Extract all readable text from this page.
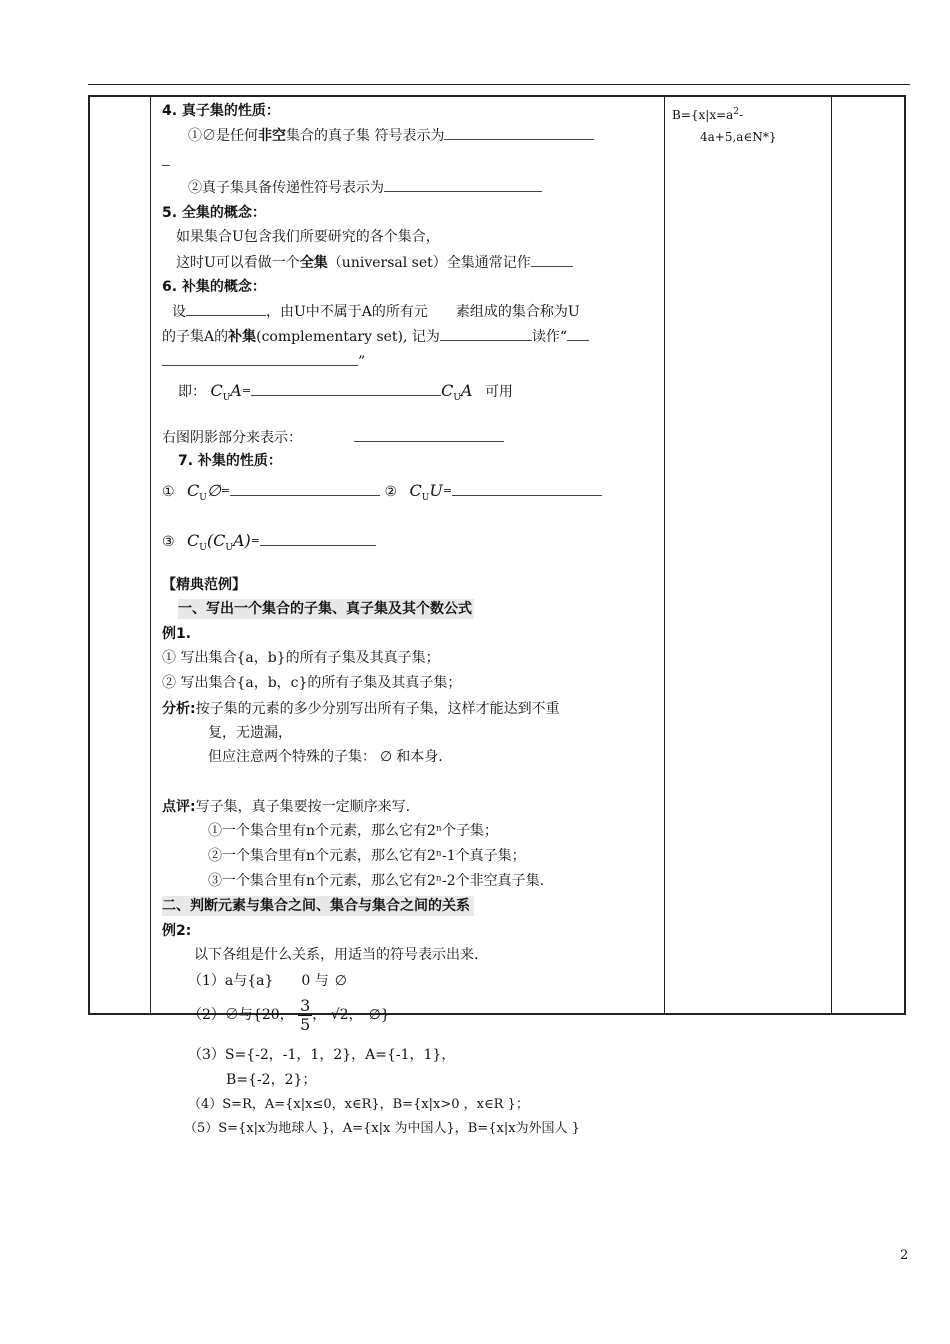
$B=\{x|x=a^2-$
4a+5,a∈N*}
4. 真子集的性质：
①∅是任何非空集合的真子集 符号表示为
②真子集具备传递性符号表示为
5. 全集的概念：
如果集合U包含我们所要研究的各个集合，
这时U可以看做一个全集（universal set）全集通常记作
6. 补集的概念：
设	，由U中不属于A的所有元　　素组成的集合称为U
的子集A的补集(complementary set), 记为	读作“
”
即： $C_UA^=$	$C_UA$ 可用
右图阴影部分来表示：
7. 补集的性质：
① $C_U\emptyset^=$	② $C_UU^=$
③ $C_U(C_UA)^=$
【精典范例】
一、写出一个集合的子集、真子集及其个数公式
例1.
① 写出集合{a，b}的所有子集及其真子集；
② 写出集合{a，b，c}的所有子集及其真子集；
分析:按子集的元素的多少分别写出所有子集，这样才能达到不重
复，无遗漏，
但应注意两个特殊的子集： ∅ 和本身.
点评:写子集，真子集要按一定顺序来写.
①一个集合里有n个元素，那么它有2ⁿ个子集；
②一个集合里有n个元素，那么它有2ⁿ-1个真子集；
③一个集合里有n个元素，那么它有2ⁿ-2个非空真子集.
二、判断元素与集合之间、集合与集合之间的关系
例2:
以下各组是什么关系，用适当的符号表示出来.
（1）a与{a}　　0 与 ∅
（2）∅与{20， $\frac{3}{5}$ ， √2， ∅}
（3）S={-2，-1，1，2}，A={-1，1}，
B={-2，2}；
（4）S=R，A={x|x≤0，x∈R}，B={x|x>0 ，x∈R }；
（5）S={x|x为地球人 }，A={x|x 为中国人}，B={x|x为外国人 }
2
